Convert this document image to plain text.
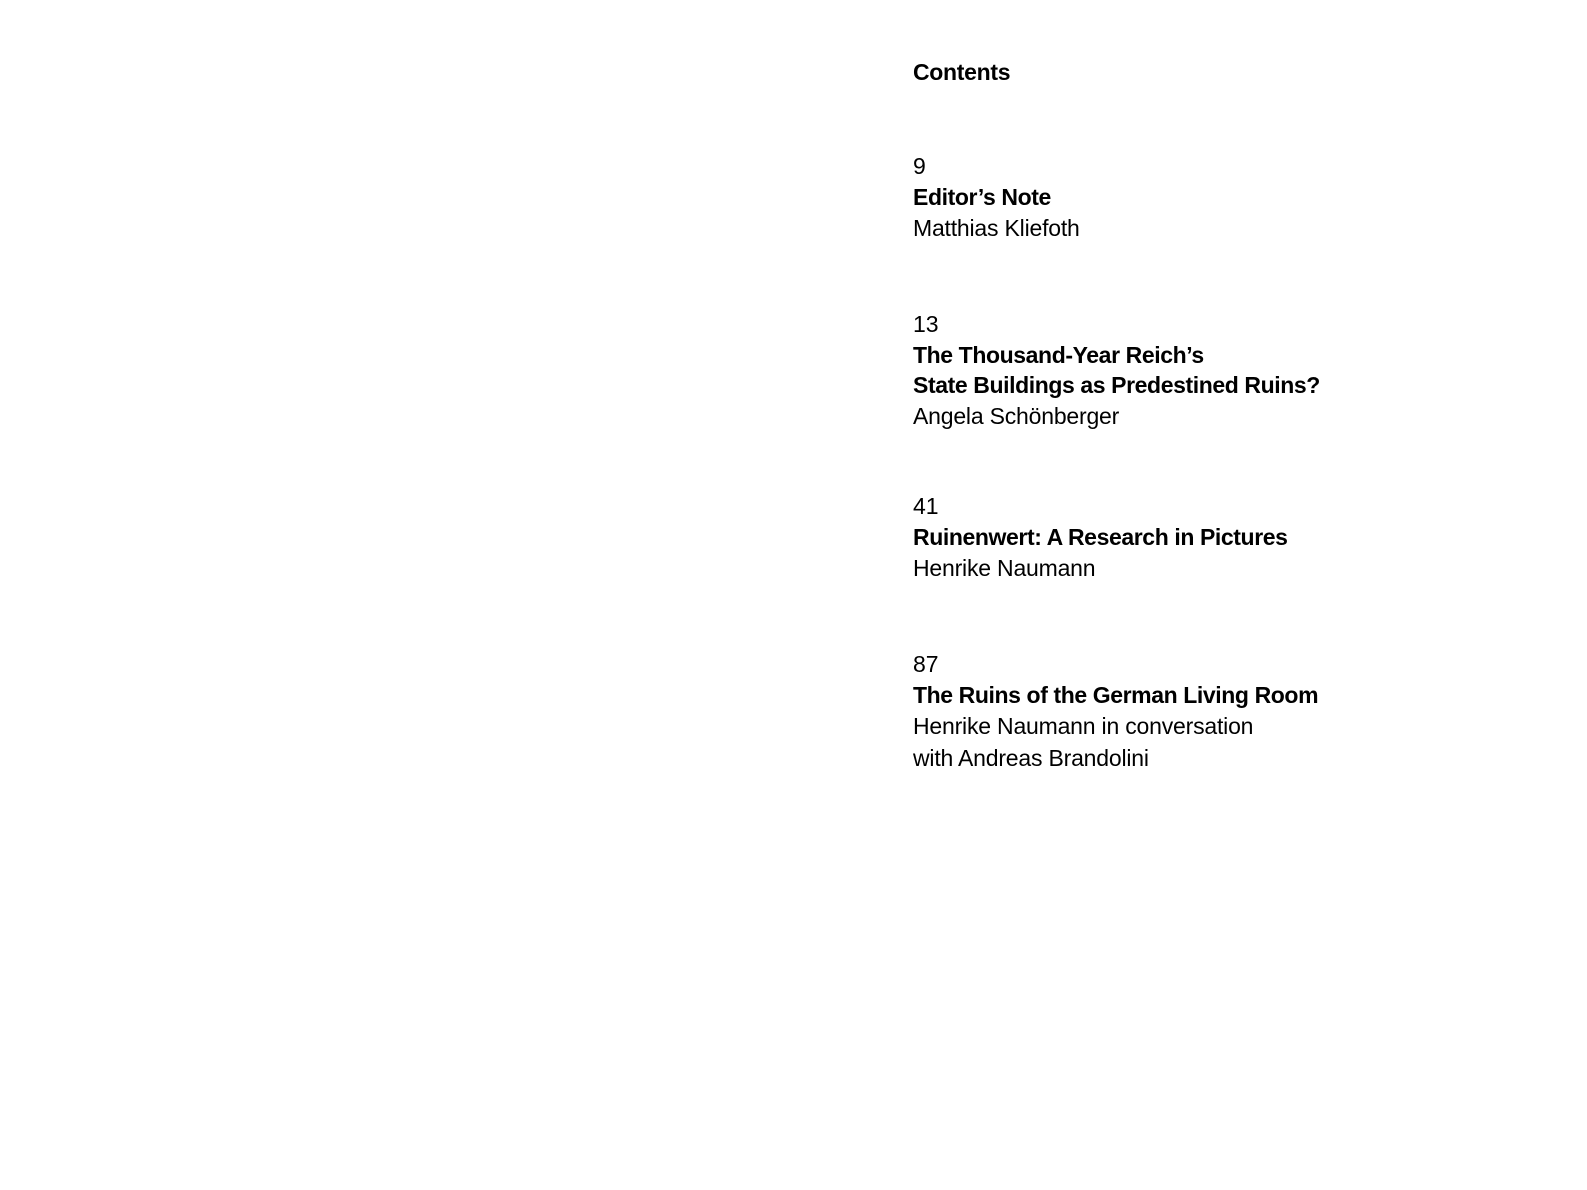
Contents
9
Editor’s Note
Matthias Kliefoth
13
The Thousand-Year Reich’s
State Buildings as Predestined Ruins?
Angela Schönberger
41
Ruinenwert: A Research in Pictures
Henrike Naumann
87
The Ruins of the German Living Room
Henrike Naumann in conversation
with Andreas Brandolini
